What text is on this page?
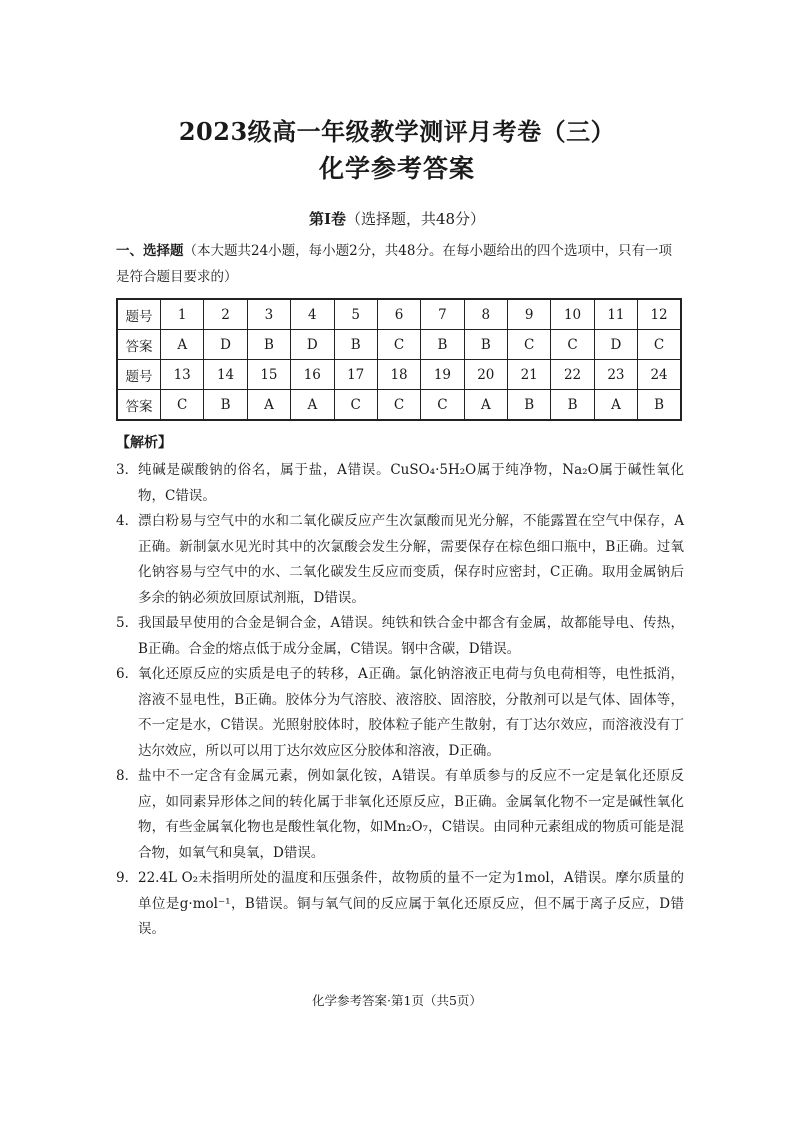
2023级高一年级教学测评月考卷（三）
化学参考答案
第Ⅰ卷（选择题，共48分）
一、选择题（本大题共24小题，每小题2分，共48分。在每小题给出的四个选项中，只有一项是符合题目要求的）
题号	1	2	3	4	5	6	7	8	9	10	11	12
答案	A	D	B	D	B	C	B	B	C	C	D	C
题号	13	14	15	16	17	18	19	20	21	22	23	24
答案	C	B	A	A	C	C	C	A	B	B	A	B
【解析】
3． 纯碱是碳酸钠的俗名，属于盐，A错误。CuSO₄·5H₂O属于纯净物，Na₂O属于碱性氧化物，C错误。

4． 漂白粉易与空气中的水和二氧化碳反应产生次氯酸而见光分解，不能露置在空气中保存，A正确。新制氯水见光时其中的次氯酸会发生分解，需要保存在棕色细口瓶中，B正确。过氧化钠容易与空气中的水、二氧化碳发生反应而变质，保存时应密封，C正确。取用金属钠后多余的钠必须放回原试剂瓶，D错误。

5． 我国最早使用的合金是铜合金，A错误。纯铁和铁合金中都含有金属，故都能导电、传热，B正确。合金的熔点低于成分金属，C错误。钢中含碳，D错误。

6． 氧化还原反应的实质是电子的转移，A正确。氯化钠溶液正电荷与负电荷相等，电性抵消，溶液不显电性，B正确。胶体分为气溶胶、液溶胶、固溶胶，分散剂可以是气体、固体等，不一定是水，C错误。光照射胶体时，胶体粒子能产生散射，有丁达尔效应，而溶液没有丁达尔效应，所以可以用丁达尔效应区分胶体和溶液，D正确。

8． 盐中不一定含有金属元素，例如氯化铵，A错误。有单质参与的反应不一定是氧化还原反应，如同素异形体之间的转化属于非氧化还原反应，B正确。金属氧化物不一定是碱性氧化物，有些金属氧化物也是酸性氧化物，如Mn₂O₇，C错误。由同种元素组成的物质可能是混合物，如氧气和臭氧，D错误。

9． 22.4L O₂未指明所处的温度和压强条件，故物质的量不一定为1mol，A错误。摩尔质量的单位是g·mol⁻¹，B错误。铜与氧气间的反应属于氧化还原反应，但不属于离子反应，D错误。

化学参考答案·第1页（共5页）
